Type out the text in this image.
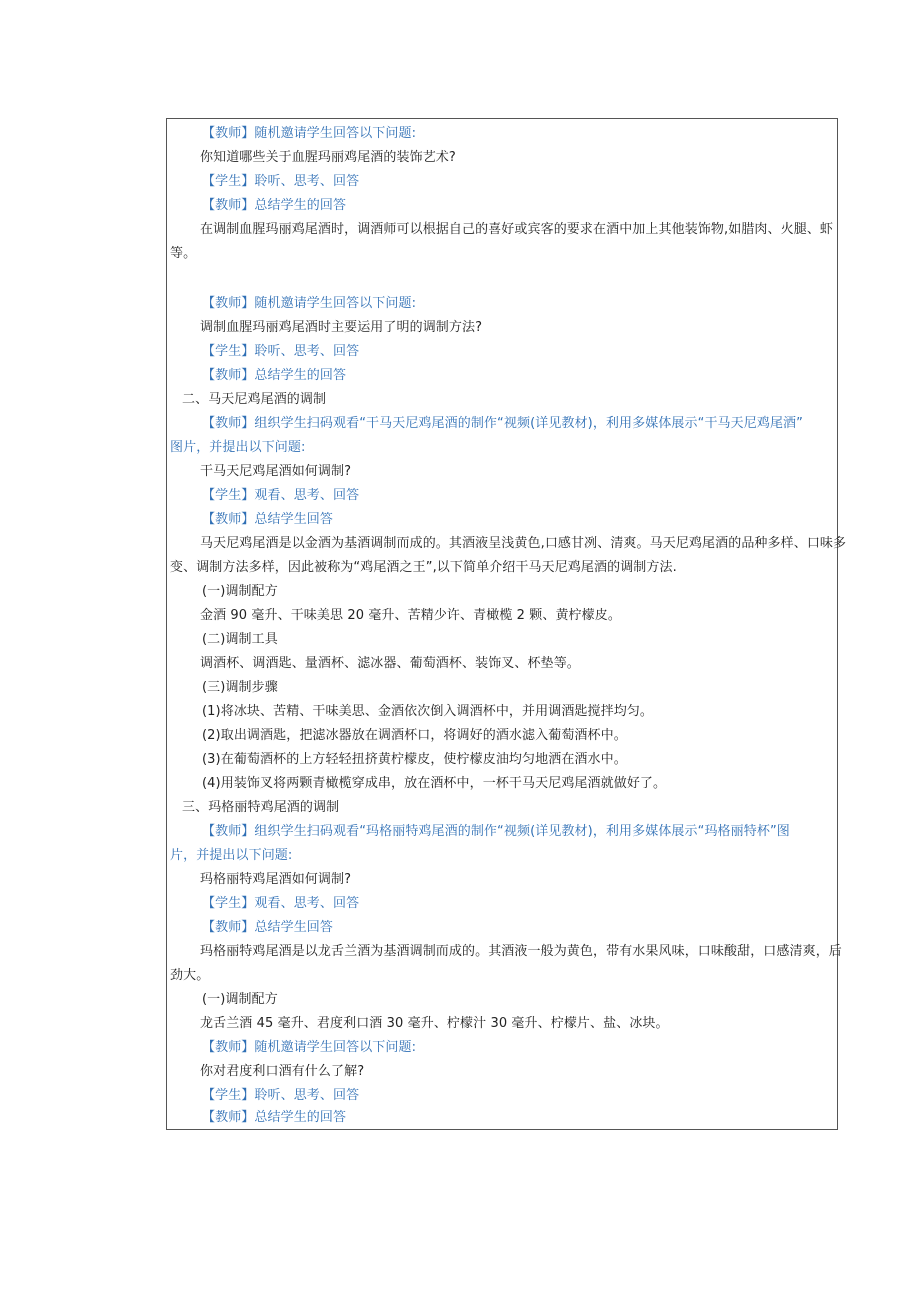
【教师】随机邀请学生回答以下问题:
你知道哪些关于血腥玛丽鸡尾酒的装饰艺术?
【学生】聆听、思考、回答
【教师】总结学生的回答
在调制血腥玛丽鸡尾酒时，调酒师可以根据自己的喜好或宾客的要求在酒中加上其他装饰物,如腊肉、火腿、虾
等。
【教师】随机邀请学生回答以下问题:
调制血腥玛丽鸡尾酒时主要运用了明的调制方法?
【学生】聆听、思考、回答
【教师】总结学生的回答
二、马天尼鸡尾酒的调制
【教师】组织学生扫码观看“干马天尼鸡尾酒的制作“视频(详见教材)，利用多媒体展示“干马天尼鸡尾酒”
图片，并提出以下问题:
干马天尼鸡尾酒如何调制?
【学生】观看、思考、回答
【教师】总结学生回答
马天尼鸡尾酒是以金酒为基酒调制而成的。其酒液呈浅黄色,口感甘冽、清爽。马天尼鸡尾酒的品种多样、口味多
变、调制方法多样，因此被称为“鸡尾酒之王”,以下简单介绍干马天尼鸡尾酒的调制方法.
(一)调制配方
金酒 90 毫升、干味美思 20 毫升、苦精少许、青橄榄 2 颗、黄柠檬皮。
(二)调制工具
调酒杯、调酒匙、量酒杯、滤冰器、葡萄酒杯、装饰叉、杯垫等。
(三)调制步骤
(1)将冰块、苦精、干味美思、金酒依次倒入调酒杯中，并用调酒匙搅拌均匀。
(2)取出调酒匙，把滤冰器放在调酒杯口，将调好的酒水滤入葡萄酒杯中。
(3)在葡萄酒杯的上方轻轻扭挤黄柠檬皮，使柠檬皮油均匀地洒在酒水中。
(4)用装饰叉将两颗青橄榄穿成串，放在酒杯中，一杯干马天尼鸡尾酒就做好了。
三、玛格丽特鸡尾酒的调制
【教师】组织学生扫码观看“玛格丽特鸡尾酒的制作“视频(详见教材)，利用多媒体展示“玛格丽特杯”图
片，并提出以下问题:
玛格丽特鸡尾酒如何调制?
【学生】观看、思考、回答
【教师】总结学生回答
玛格丽特鸡尾酒是以龙舌兰酒为基酒调制而成的。其酒液一般为黄色，带有水果风味，口味酸甜，口感清爽，后
劲大。
(一)调制配方
龙舌兰酒 45 毫升、君度利口酒 30 毫升、柠檬汁 30 毫升、柠檬片、盐、冰块。
【教师】随机邀请学生回答以下问题:
你对君度利口酒有什么了解?
【学生】聆听、思考、回答
【教师】总结学生的回答
